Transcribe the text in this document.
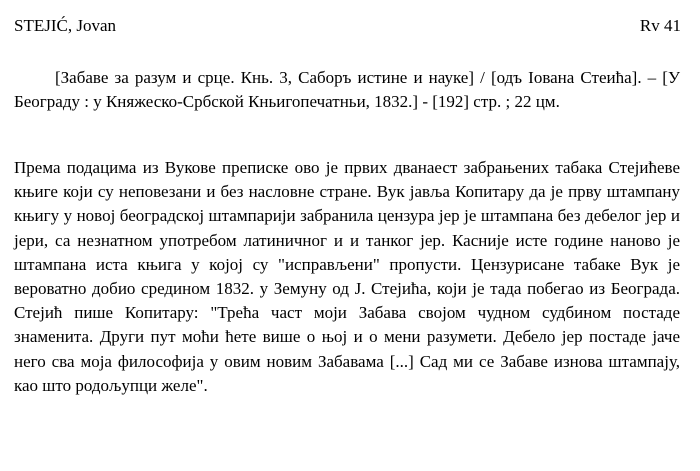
STEJIĆ, Jovan	Rv 41

[Забаве за разум и срце. Кнь. 3, Саборъ истине и науке] / [одъ Іована Стеића]. – [У Београду : у Княжеско-Србской Кньигопечатньи, 1832.] - [192] стр. ; 22 цм.

Према подацима из Вукове преписке ово је првих дванаест забрањених табака Стејићеве књиге који су неповезани и без насловне стране. Вук јавља Копитару да је прву штампану књигу у новој београдској штампарији забранила цензура јер је штампана без дебелог јер и јери, са незнатном употребом латиничног и и танког јер. Касније исте године наново је штампана иста књига у којој су "исправљени" пропусти. Цензурисане табаке Вук је вероватно добио средином 1832. у Земуну од Ј. Стејића, који је тада побегао из Београда. Стејић пише Копитару: "Трећа част моји Забава својом чудном судбином постаде знаменита. Други пут моћи ћете више о њој и о мени разумети. Дебело јер постаде јаче него сва моја философија у овим новим Забавама [...] Сад ми се Забаве изнова штампају, као што родољупци желе".
